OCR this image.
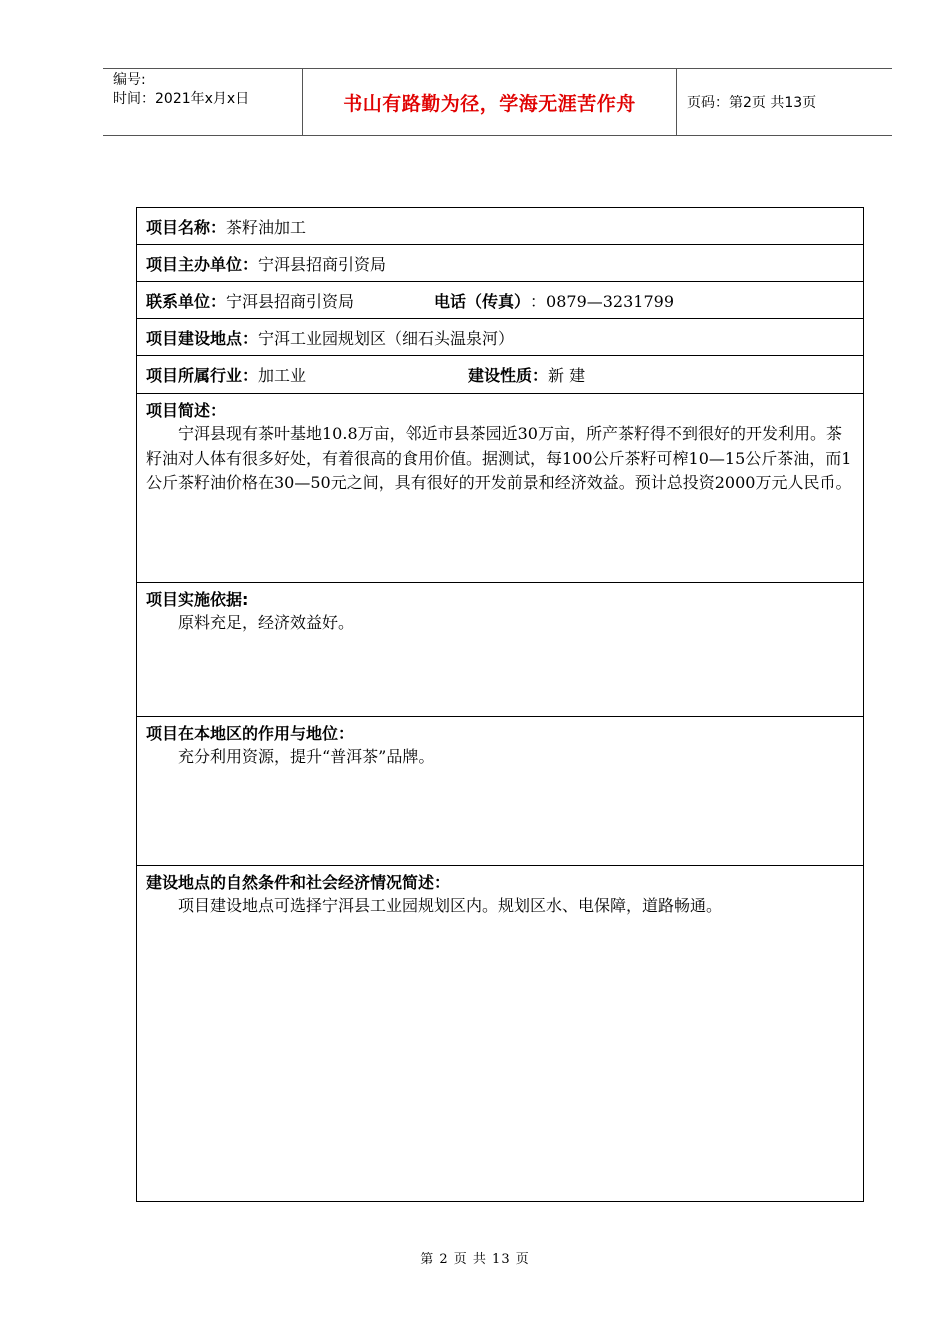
编号:
时间：2021年x月x日	书山有路勤为径，学海无涯苦作舟	页码：第2页 共13页
项目名称： 茶籽油加工
项目主办单位： 宁洱县招商引资局
联系单位： 宁洱县招商引资局	电话（传真） ：0879—3231799
项目建设地点： 宁洱工业园规划区（细石头温泉河）
项目所属行业： 加工业	建设性质： 新 建
项目简述：

宁洱县现有茶叶基地10.8万亩，邻近市县茶园近30万亩，所产茶籽得不到很好的开发利用。茶籽油对人体有很多好处，有着很高的食用价值。据测试，每100公斤茶籽可榨10—15公斤茶油，而1公斤茶籽油价格在30—50元之间，具有很好的开发前景和经济效益。预计总投资2000万元人民币。

项目实施依据:

原料充足，经济效益好。

项目在本地区的作用与地位：

充分利用资源，提升“普洱茶”品牌。

建设地点的自然条件和社会经济情况简述：

项目建设地点可选择宁洱县工业园规划区内。规划区水、电保障，道路畅通。

第 2 页 共 13 页
